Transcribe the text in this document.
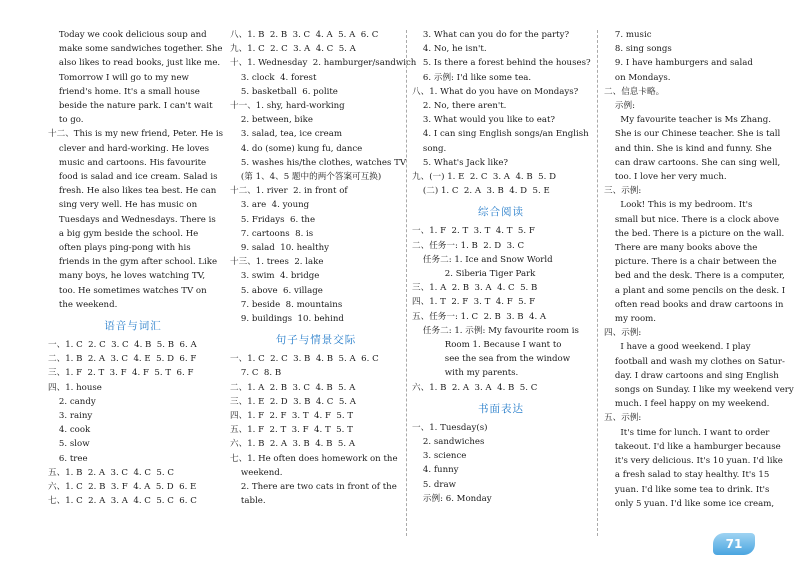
Today we cook delicious soup and
make some sandwiches together. She
also likes to read books, just like me.
Tomorrow I will go to my new
friend's home. It's a small house
beside the nature park. I can't wait
to go.
十二、This is my new friend, Peter. He is
clever and hard-working. He loves
music and cartoons. His favourite
food is salad and ice cream. Salad is
fresh. He also likes tea best. He can
sing very well. He has music on
Tuesdays and Wednesdays. There is
a big gym beside the school. He
often plays ping-pong with his
friends in the gym after school. Like
many boys, he loves watching TV,
too. He sometimes watches TV on
the weekend.
语音与词汇
一、1. C  2. C  3. C  4. B  5. B  6. A
二、1. B  2. A  3. C  4. E  5. D  6. F
三、1. F  2. T  3. F  4. F  5. T  6. F
四、1. house
2. candy
3. rainy
4. cook
5. slow
6. tree
五、1. B  2. A  3. C  4. C  5. C
六、1. C  2. B  3. F  4. A  5. D  6. E
七、1. C  2. A  3. A  4. C  5. C  6. C
八、1. B  2. B  3. C  4. A  5. A  6. C
九、1. C  2. C  3. A  4. C  5. A
十、1. Wednesday  2. hamburger/sandwich
3. clock  4. forest
5. basketball  6. polite
十一、1. shy, hard-working
2. between, bike
3. salad, tea, ice cream
4. do (some) kung fu, dance
5. washes his/the clothes, watches TV
(第 1、4、5 题中的两个答案可互换)
十二、1. river  2. in front of
3. are  4. young
5. Fridays  6. the
7. cartoons  8. is
9. salad  10. healthy
十三、1. trees  2. lake
3. swim  4. bridge
5. above  6. village
7. beside  8. mountains
9. buildings  10. behind
句子与情景交际
一、1. C  2. C  3. B  4. B  5. A  6. C
7. C  8. B
二、1. A  2. B  3. C  4. B  5. A
三、1. E  2. D  3. B  4. C  5. A
四、1. F  2. F  3. T  4. F  5. T
五、1. F  2. T  3. F  4. T  5. T
六、1. B  2. A  3. B  4. B  5. A
七、1. He often does homework on the
weekend.
2. There are two cats in front of the
table.
3. What can you do for the party?
4. No, he isn't.
5. Is there a forest behind the houses?
6. 示例: I'd like some tea.
八、1. What do you have on Mondays?
2. No, there aren't.
3. What would you like to eat?
4. I can sing English songs/an English
song.
5. What's Jack like?
九、(一) 1. E  2. C  3. A  4. B  5. D
(二) 1. C  2. A  3. B  4. D  5. E
综合阅读
一、1. F  2. T  3. T  4. T  5. F
二、任务一: 1. B  2. D  3. C
任务二: 1. Ice and Snow World
2. Siberia Tiger Park
三、1. A  2. B  3. A  4. C  5. B
四、1. T  2. F  3. T  4. F  5. F
五、任务一: 1. C  2. B  3. B  4. A
任务二: 1. 示例: My favourite room is
Room 1. Because I want to
see the sea from the window
with my parents.
六、1. B  2. A  3. A  4. B  5. C
书面表达
一、1. Tuesday(s)
2. sandwiches
3. science
4. funny
5. draw
示例: 6. Monday
7. music
8. sing songs
9. I have hamburgers and salad
on Mondays.
二、信息卡略。
示例:
My favourite teacher is Ms Zhang.
She is our Chinese teacher. She is tall
and thin. She is kind and funny. She
can draw cartoons. She can sing well,
too. I love her very much.
三、示例:
Look! This is my bedroom. It's
small but nice. There is a clock above
the bed. There is a picture on the wall.
There are many books above the
picture. There is a chair between the
bed and the desk. There is a computer,
a plant and some pencils on the desk. I
often read books and draw cartoons in
my room.
四、示例:
I have a good weekend. I play
football and wash my clothes on Satur-
day. I draw cartoons and sing English
songs on Sunday. I like my weekend very
much. I feel happy on my weekend.
五、示例:
It's time for lunch. I want to order
takeout. I'd like a hamburger because
it's very delicious. It's 10 yuan. I'd like
a fresh salad to stay healthy. It's 15
yuan. I'd like some tea to drink. It's
only 5 yuan. I'd like some ice cream,
71
